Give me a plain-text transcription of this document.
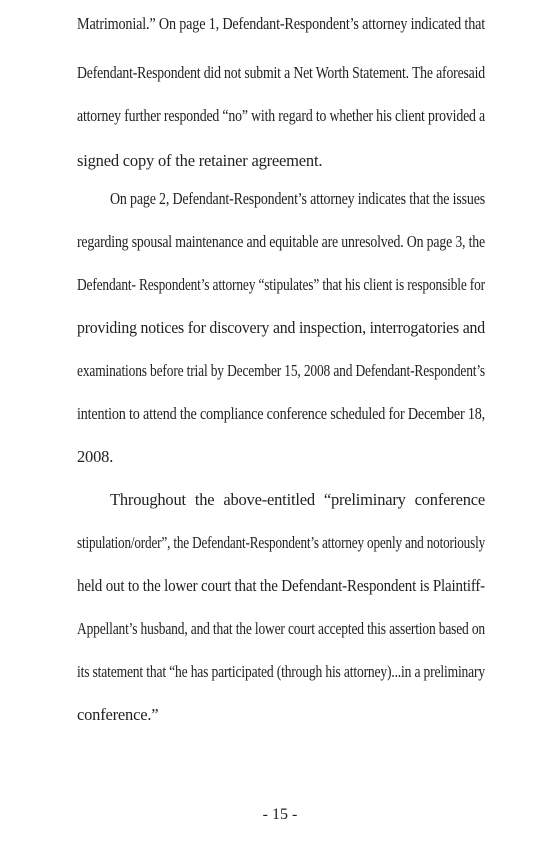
Matrimonial.” On page 1, Defendant-Respondent’s attorney indicated that
Defendant-Respondent did not submit a Net Worth Statement. The aforesaid
attorney further responded “no” with regard to whether his client provided a
signed copy of the retainer agreement.
On page 2, Defendant-Respondent’s attorney indicates that the issues
regarding spousal maintenance and equitable are unresolved. On page 3, the
Defendant- Respondent’s attorney “stipulates” that his client is responsible for
providing notices for discovery and inspection, interrogatories and
examinations before trial by December 15, 2008 and Defendant-Respondent’s
intention to attend the compliance conference scheduled for December 18,
2008.
Throughout the above-entitled “preliminary conference
stipulation/order”, the Defendant-Respondent’s attorney openly and notoriously
held out to the lower court that the Defendant-Respondent is Plaintiff-
Appellant’s husband, and that the lower court accepted this assertion based on
its statement that “he has participated (through his attorney)...in a preliminary
conference.”
- 15 -
